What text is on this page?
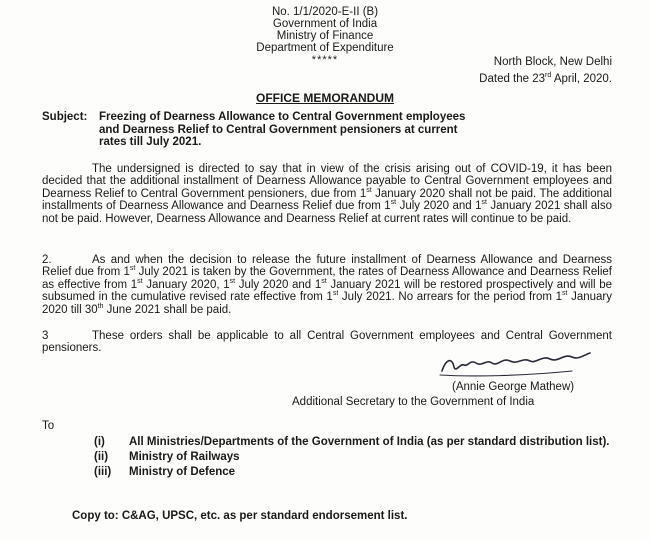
No. 1/1/2020-E-II (B)
Government of India
Ministry of Finance
Department of Expenditure
*****	North Block, New Delhi
Dated the 23rd April, 2020.
OFFICE MEMORANDUM
Subject: Freezing of Dearness Allowance to Central Government employees
and Dearness Relief to Central Government pensioners at current
rates till July 2021.
The undersigned is directed to say that in view of the crisis arising out of COVID-19, it has been decided that the additional installment of Dearness Allowance payable to Central Government employees and Dearness Relief to Central Government pensioners, due from 1st January 2020 shall not be paid. The additional installments of Dearness Allowance and Dearness Relief due from 1st July 2020 and 1st January 2021 shall also not be paid. However, Dearness Allowance and Dearness Relief at current rates will continue to be paid.
2.	As and when the decision to release the future installment of Dearness Allowance and Dearness Relief due from 1st July 2021 is taken by the Government, the rates of Dearness Allowance and Dearness Relief as effective from 1st January 2020, 1st July 2020 and 1st January 2021 will be restored prospectively and will be subsumed in the cumulative revised rate effective from 1st July 2021. No arrears for the period from 1st January 2020 till 30th June 2021 shall be paid.
3	These orders shall be applicable to all Central Government employees and Central Government pensioners.
(Annie George Mathew)
Additional Secretary to the Government of India
To
(i)	All Ministries/Departments of the Government of India (as per standard distribution list).
(ii)	Ministry of Railways
(iii)	Ministry of Defence
Copy to: C&AG, UPSC, etc. as per standard endorsement list.
